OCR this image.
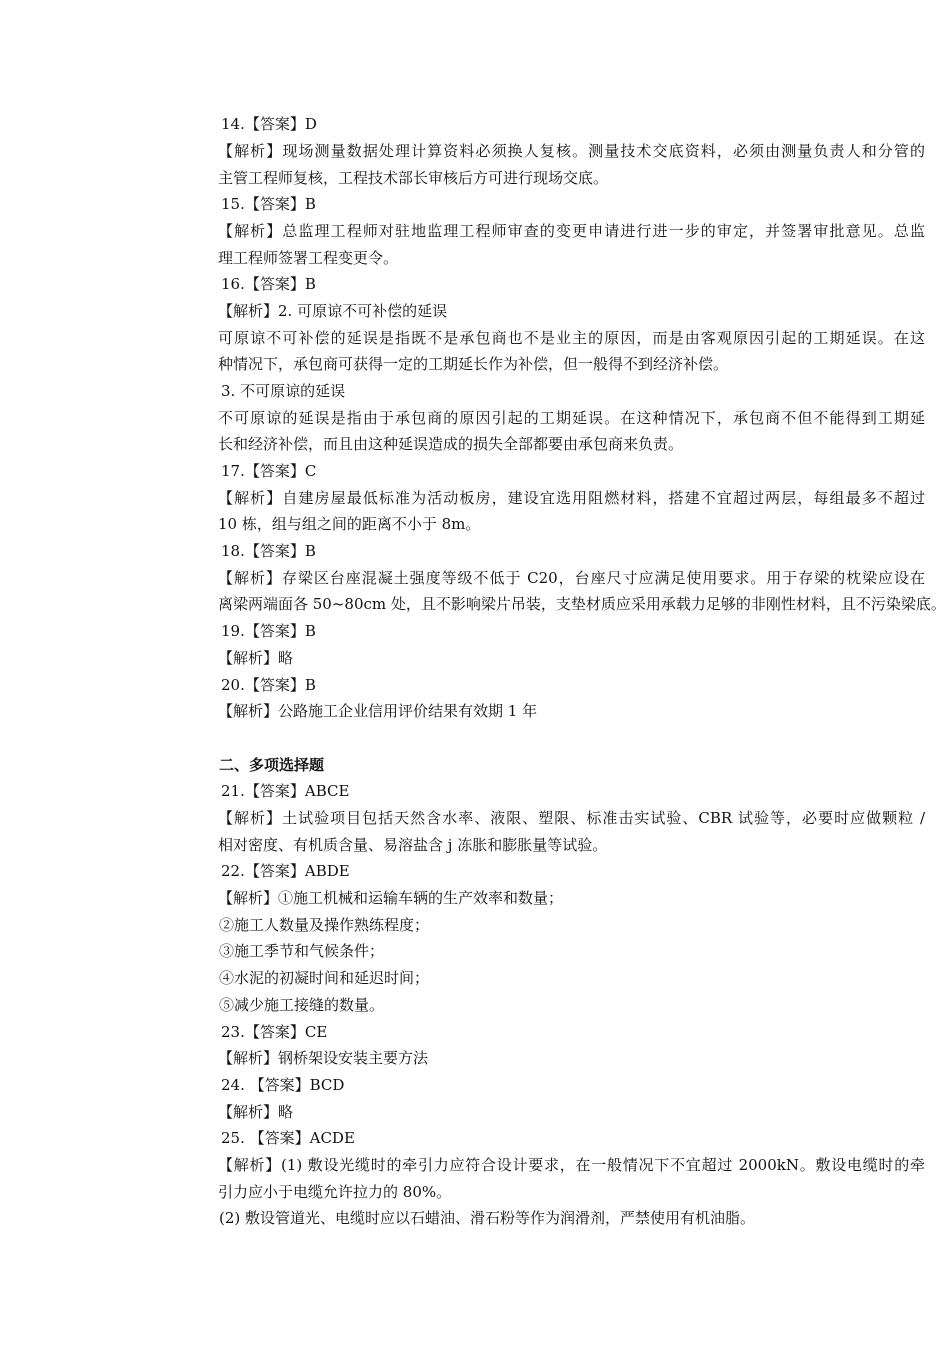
14.【答案】D
【解析】现场测量数据处理计算资料必须换人复核。测量技术交底资料，必须由测量负责人和分管的
主管工程师复核，工程技术部长审核后方可进行现场交底。
15.【答案】B
【解析】总监理工程师对驻地监理工程师审查的变更申请进行进一步的审定，并签署审批意见。总监
理工程师签署工程变更令。
16.【答案】B
【解析】2. 可原谅不可补偿的延误
可原谅不可补偿的延误是指既不是承包商也不是业主的原因，而是由客观原因引起的工期延误。在这
种情况下，承包商可获得一定的工期延长作为补偿，但一般得不到经济补偿。
3. 不可原谅的延误
不可原谅的延误是指由于承包商的原因引起的工期延误。在这种情况下，承包商不但不能得到工期延
长和经济补偿，而且由这种延误造成的损失全部都要由承包商来负责。
17.【答案】C
【解析】自建房屋最低标准为活动板房，建设宜选用阻燃材料，搭建不宜超过两层，每组最多不超过
10 栋，组与组之间的距离不小于 8m。
18.【答案】B
【解析】存梁区台座混凝土强度等级不低于 C20，台座尺寸应满足使用要求。用于存梁的枕梁应设在
离梁两端面各 50~80cm 处，且不影响梁片吊装，支垫材质应采用承载力足够的非刚性材料，且不污染梁底。
19.【答案】B
【解析】略
20.【答案】B
【解析】公路施工企业信用评价结果有效期 1 年
二、多项选择题
21.【答案】ABCE
【解析】土试验项目包括天然含水率、液限、塑限、标准击实试验、CBR 试验等，必要时应做颗粒 /
相对密度、有机质含量、易溶盐含 j 冻胀和膨胀量等试验。
22.【答案】ABDE
【解析】①施工机械和运输车辆的生产效率和数量；
②施工人数量及操作熟练程度；
③施工季节和气候条件；
④水泥的初凝时间和延迟时间；
⑤减少施工接缝的数量。
23.【答案】CE
【解析】钢桥架设安装主要方法
24. 【答案】BCD
【解析】略
25. 【答案】ACDE
【解析】(1) 敷设光缆时的牵引力应符合设计要求，在一般情况下不宜超过 2000kN。敷设电缆时的牵
引力应小于电缆允许拉力的 80%。
(2) 敷设管道光、电缆时应以石蜡油、滑石粉等作为润滑剂，严禁使用有机油脂。
